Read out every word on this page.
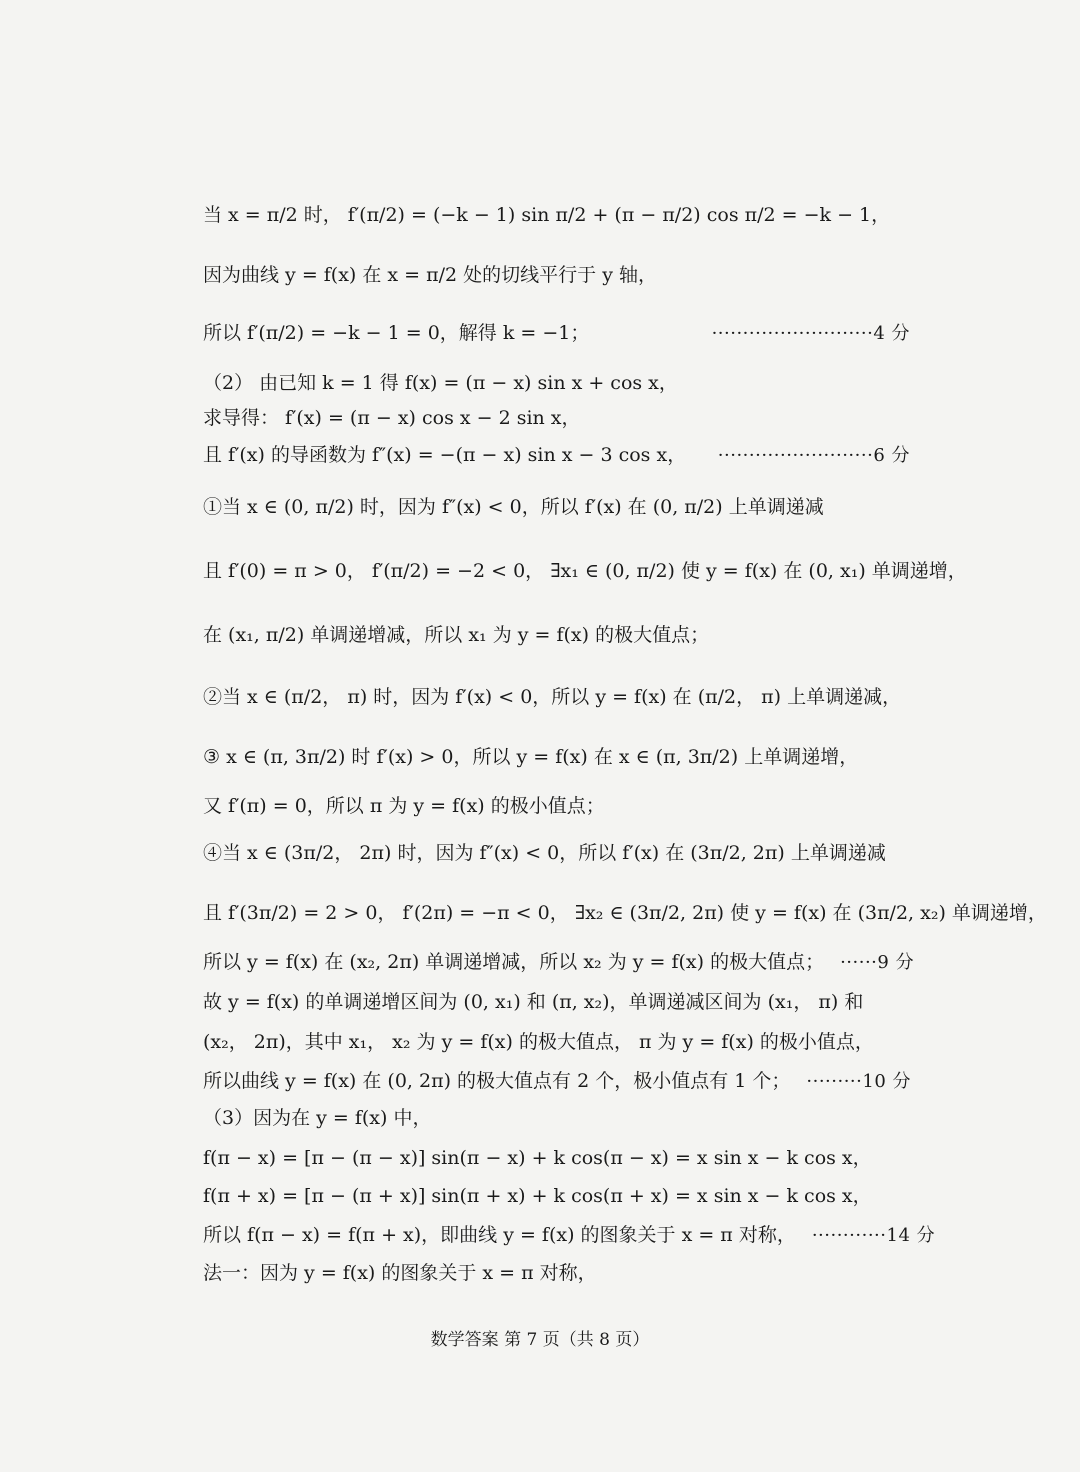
当 x = π/2 时， f′(π/2) = (−k − 1) sin π/2 + (π − π/2) cos π/2 = −k − 1，
因为曲线 y = f(x) 在 x = π/2 处的切线平行于 y 轴，
所以 f′(π/2) = −k − 1 = 0，解得 k = −1；	··························4 分
（2） 由已知 k = 1 得 f(x) = (π − x) sin x + cos x，
求导得： f′(x) = (π − x) cos x − 2 sin x，
且 f′(x) 的导函数为 f″(x) = −(π − x) sin x − 3 cos x，	·························6 分
①当 x ∈ (0, π/2) 时，因为 f″(x) < 0，所以 f′(x) 在 (0, π/2) 上单调递减
且 f′(0) = π > 0， f′(π/2) = −2 < 0， ∃x₁ ∈ (0, π/2) 使 y = f(x) 在 (0, x₁) 单调递增，
在 (x₁, π/2) 单调递增减，所以 x₁ 为 y = f(x) 的极大值点；
②当 x ∈ (π/2， π) 时，因为 f′(x) < 0，所以 y = f(x) 在 (π/2， π) 上单调递减，
③ x ∈ (π, 3π/2) 时 f′(x) > 0，所以 y = f(x) 在 x ∈ (π, 3π/2) 上单调递增，
又 f′(π) = 0，所以 π 为 y = f(x) 的极小值点；
④当 x ∈ (3π/2， 2π) 时，因为 f″(x) < 0，所以 f′(x) 在 (3π/2, 2π) 上单调递减
且 f′(3π/2) = 2 > 0， f′(2π) = −π < 0， ∃x₂ ∈ (3π/2, 2π) 使 y = f(x) 在 (3π/2, x₂) 单调递增，
所以 y = f(x) 在 (x₂, 2π) 单调递增减，所以 x₂ 为 y = f(x) 的极大值点； ······9 分
故 y = f(x) 的单调递增区间为 (0, x₁) 和 (π, x₂)，单调递减区间为 (x₁， π) 和
(x₂， 2π)，其中 x₁， x₂ 为 y = f(x) 的极大值点， π 为 y = f(x) 的极小值点，
所以曲线 y = f(x) 在 (0, 2π) 的极大值点有 2 个，极小值点有 1 个； ·········10 分
（3）因为在 y = f(x) 中，
f(π − x) = [π − (π − x)] sin(π − x) + k cos(π − x) = x sin x − k cos x，
f(π + x) = [π − (π + x)] sin(π + x) + k cos(π + x) = x sin x − k cos x，
所以 f(π − x) = f(π + x)，即曲线 y = f(x) 的图象关于 x = π 对称， ············14 分
法一：因为 y = f(x) 的图象关于 x = π 对称，
数学答案 第 7 页（共 8 页）
